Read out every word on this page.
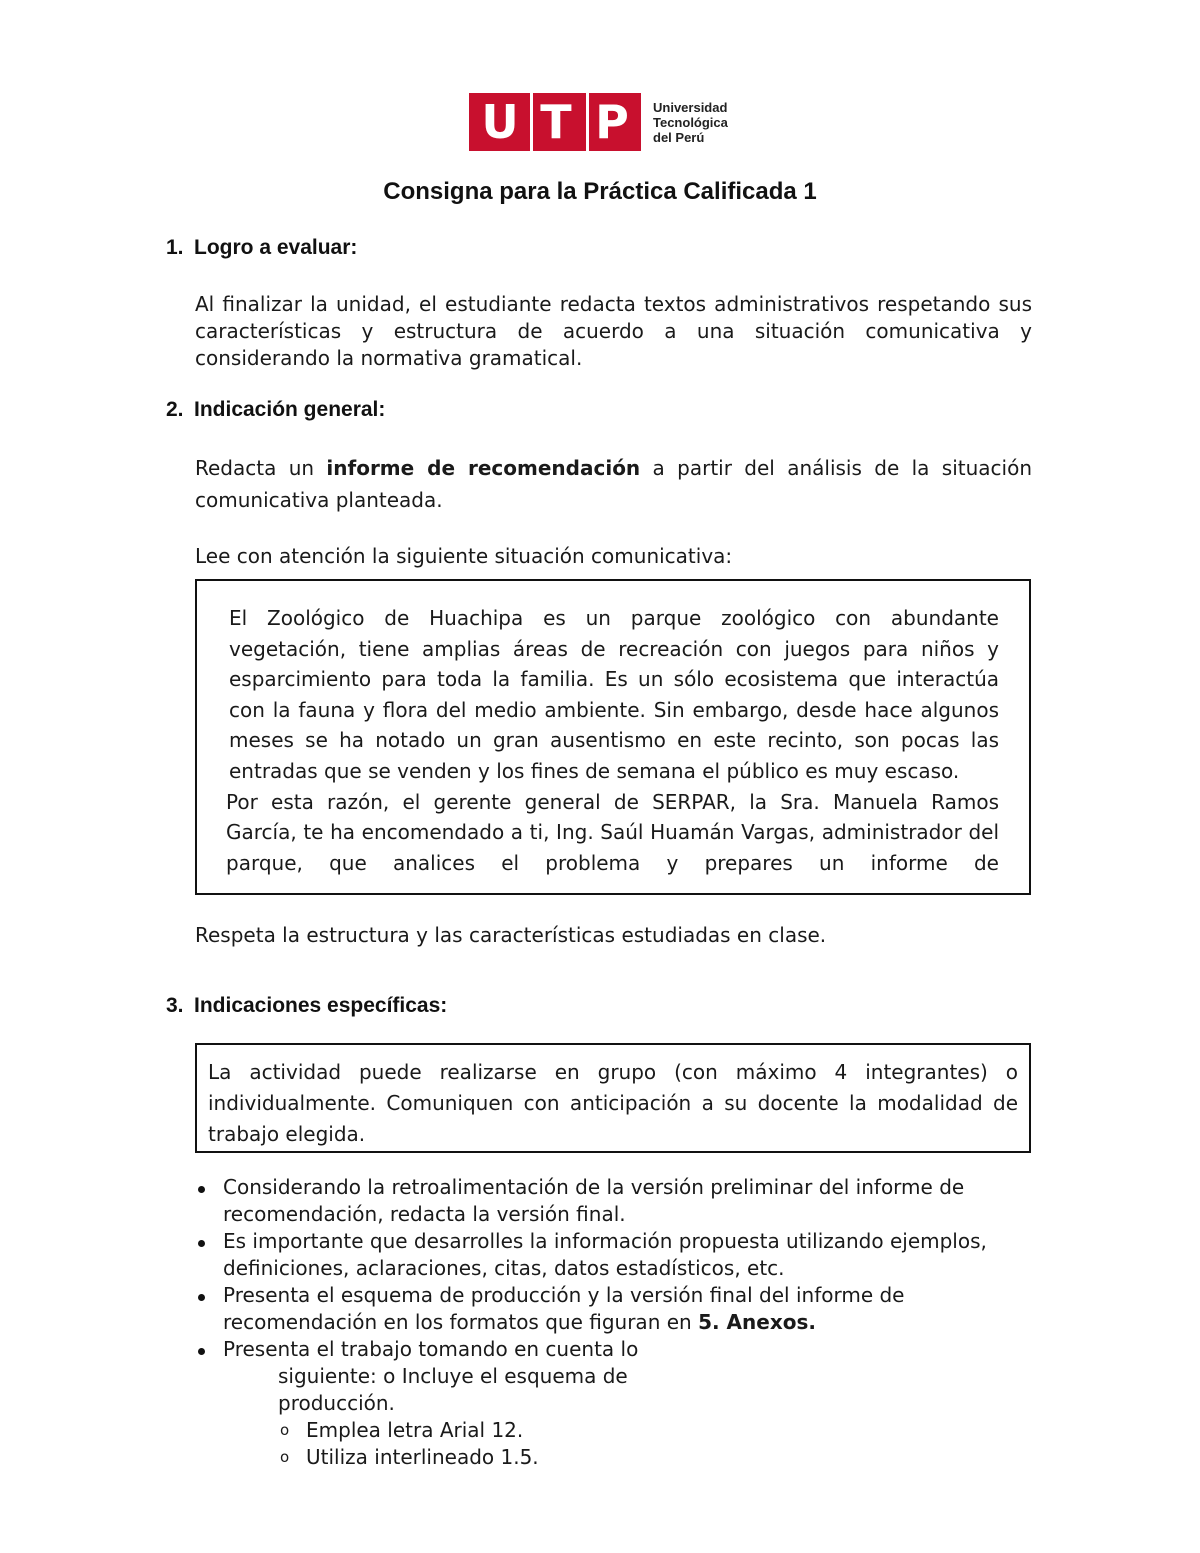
U T P	Universidad
Tecnológica
del Perú
Consigna para la Práctica Calificada 1
1. Logro a evaluar:
Al finalizar la unidad, el estudiante redacta textos administrativos respetando sus características y estructura de acuerdo a una situación comunicativa y considerando la normativa gramatical.
2. Indicación general:
Redacta un informe de recomendación a partir del análisis de la situación comunicativa planteada.
Lee con atención la siguiente situación comunicativa:

El Zoológico de Huachipa es un parque zoológico con abundante vegetación, tiene amplias áreas de recreación con juegos para niños y esparcimiento para toda la familia. Es un sólo ecosistema que interactúa con la fauna y flora del medio ambiente. Sin embargo, desde hace algunos meses se ha notado un gran ausentismo en este recinto, son pocas las entradas que se venden y los fines de semana el público es muy escaso.

Por esta razón, el gerente general de SERPAR, la Sra. Manuela Ramos García, te ha encomendado a ti, Ing. Saúl Huamán Vargas, administrador del parque, que analices el problema y prepares un informe de

Respeta la estructura y las características estudiadas en clase.
3. Indicaciones específicas:
La actividad puede realizarse en grupo (con máximo 4 integrantes) o individualmente. Comuniquen con anticipación a su docente la modalidad de trabajo elegida.
Considerando la retroalimentación de la versión preliminar del informe de recomendación, redacta la versión final.
Es importante que desarrolles la información propuesta utilizando ejemplos, definiciones, aclaraciones, citas, datos estadísticos, etc.
Presenta el esquema de producción y la versión final del informe de recomendación en los formatos que figuran en 5. Anexos.
Presenta el trabajo tomando en cuenta lo
siguiente: o Incluye el esquema de
producción.
o Emplea letra Arial 12.
o Utiliza interlineado 1.5.
